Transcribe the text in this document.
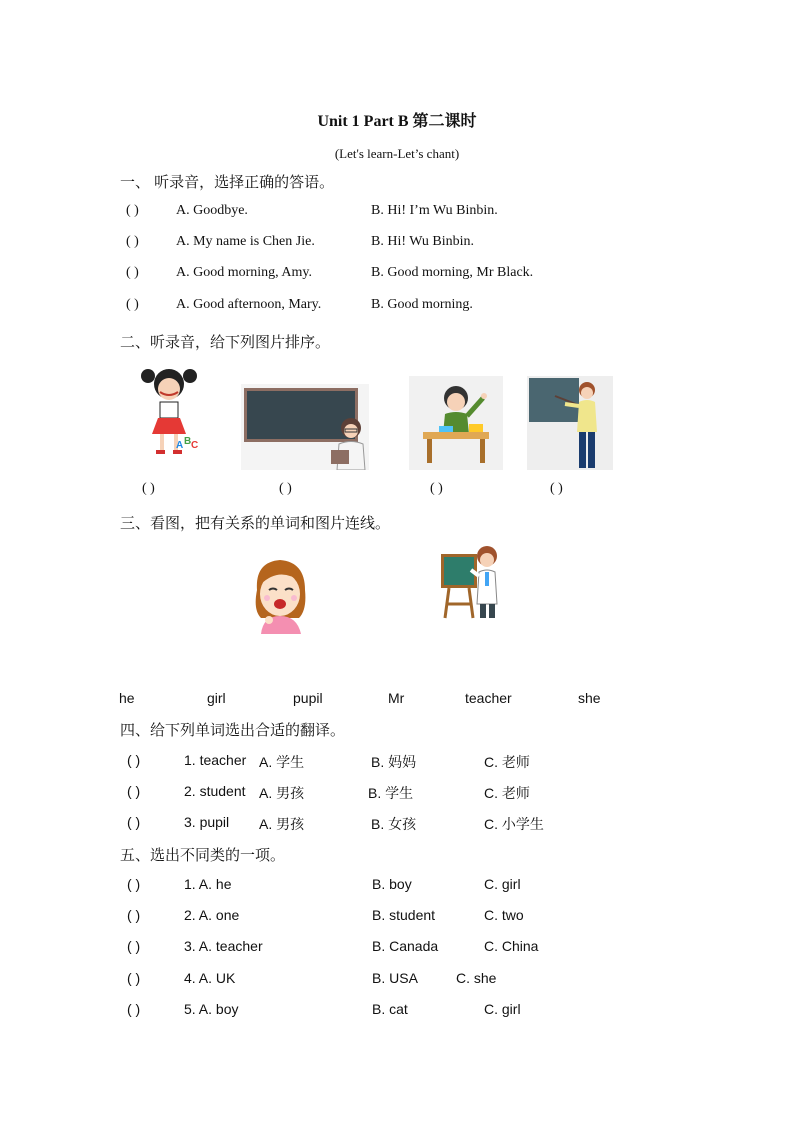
Unit 1 Part B 第二课时
(Let's learn-Let’s chant)
一、 听录音，选择正确的答语。
( )	A. Goodbye.	B. Hi! I’m Wu Binbin.
( )	A. My name is Chen Jie.	B. Hi! Wu Binbin.
( )	A. Good morning, Amy.	B. Good morning, Mr Black.
( )	A. Good afternoon, Mary.	B. Good morning.
二、听录音，给下列图片排序。
A B C
( )	( )	( )	( )
三、看图，把有关系的单词和图片连线。
he	girl	pupil	Mr	teacher	she
四、给下列单词选出合适的翻译。
( )	1. teacher A. 学生	B. 妈妈	C. 老师
( )	2. student A. 男孩	B. 学生	C. 老师
( )	3. pupil A. 男孩	B. 女孩	C. 小学生
五、选出不同类的一项。
( )	1. A. he	B. boy	C. girl
( )	2. A. one	B. student	C. two
( )	3. A. teacher	B. Canada	C. China
( )	4. A. UK	B. USA	C. she
( )	5. A. boy	B. cat	C. girl
